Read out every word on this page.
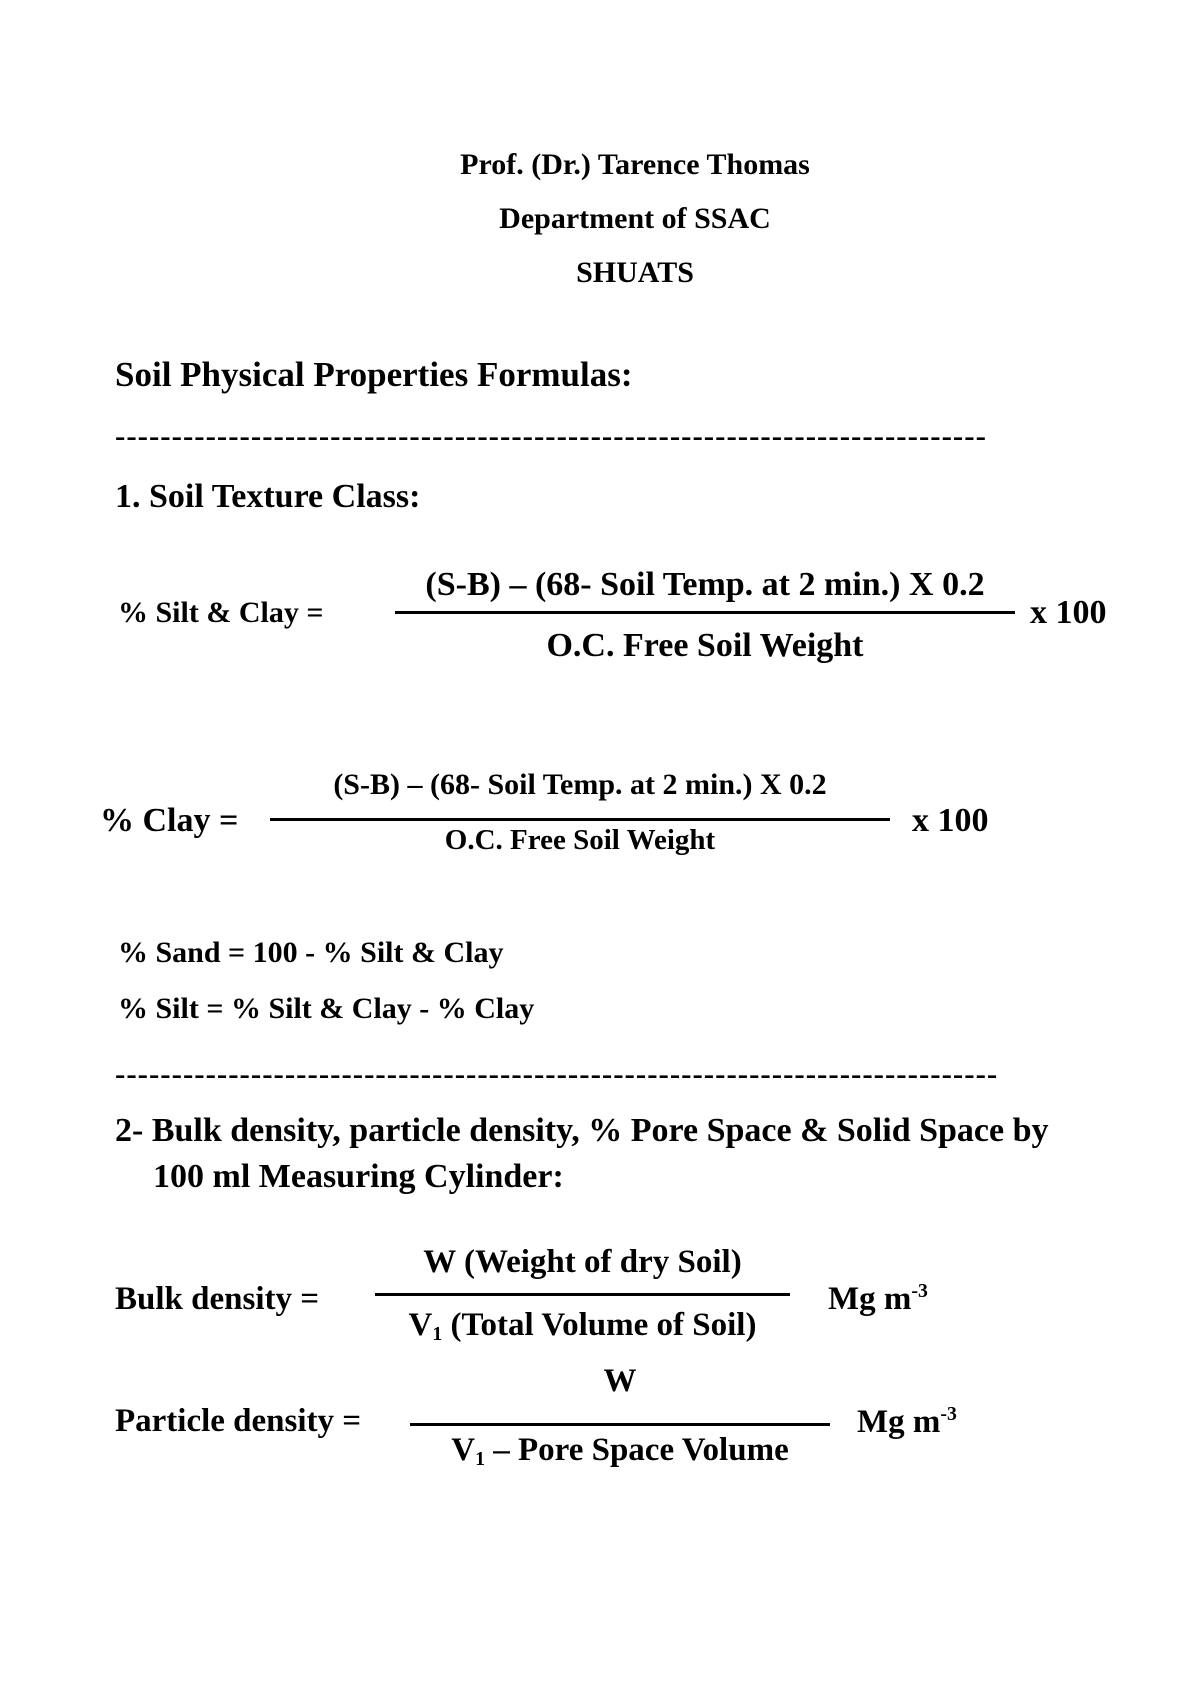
Prof. (Dr.) Tarence Thomas
Department of SSAC
SHUATS
Soil Physical Properties Formulas:
-----------------------------------------------------------------------------
1. Soil Texture Class:
% Silt & Clay =
(S-B) – (68- Soil Temp. at 2 min.) X 0.2
O.C. Free Soil Weight
x 100
% Clay =
(S-B) – (68- Soil Temp. at 2 min.) X 0.2
O.C. Free Soil Weight
x 100
% Sand = 100 - % Silt & Clay
% Silt = % Silt & Clay - % Clay
------------------------------------------------------------------------------
2- Bulk density, particle density, % Pore Space & Solid Space by
100 ml Measuring Cylinder:
Bulk density =
W (Weight of dry Soil)
$V_1$ (Total Volume of Soil)
Mg $m^{-3}$
Particle density =
W
$V_1$ – Pore Space Volume
Mg $m^{-3}$
